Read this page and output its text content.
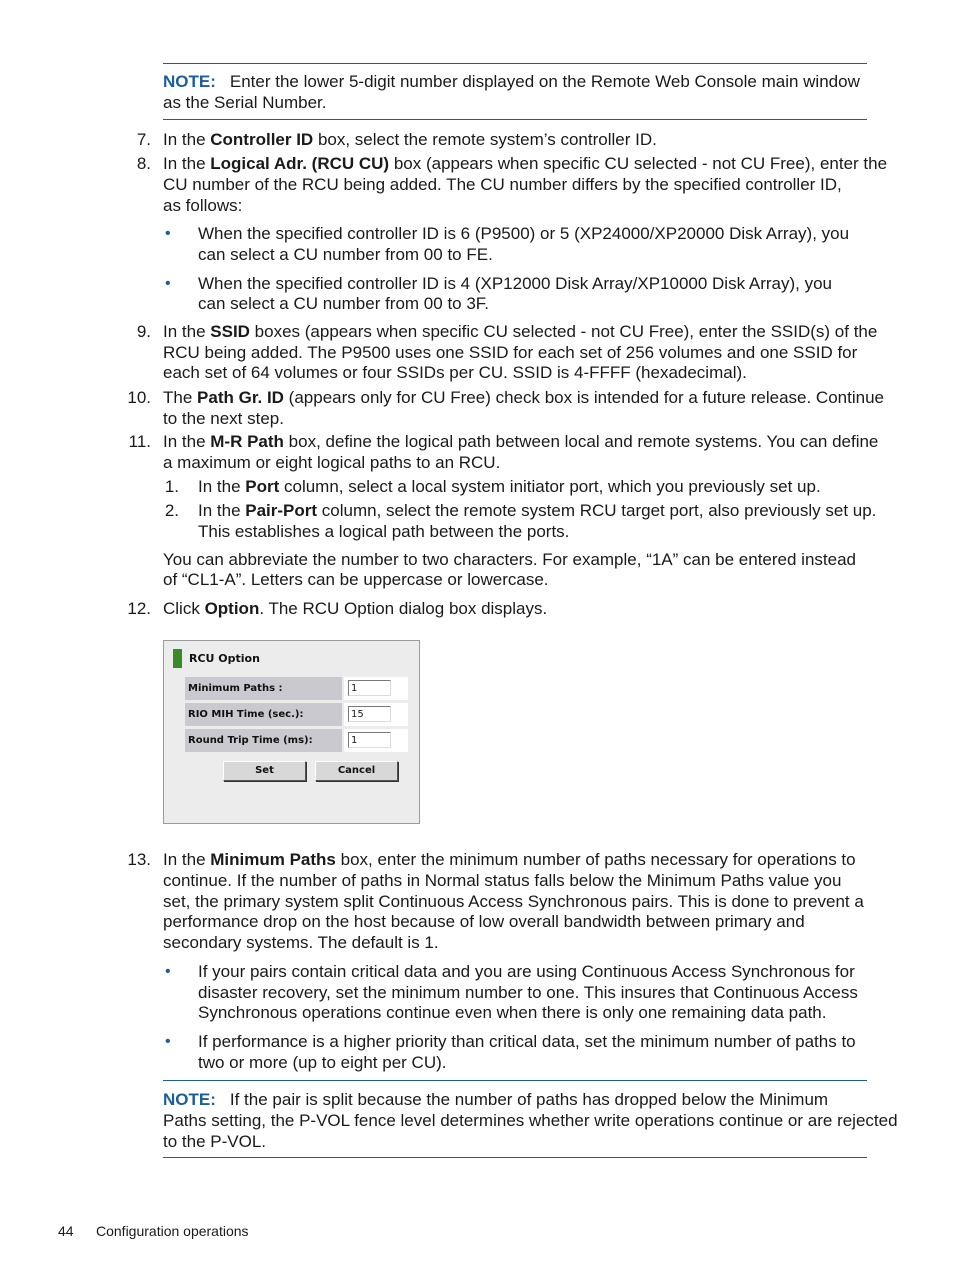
NOTE: Enter the lower 5-digit number displayed on the Remote Web Console main window
as the Serial Number.
7. In the Controller ID box, select the remote system’s controller ID.
8. In the Logical Adr. (RCU CU) box (appears when specific CU selected - not CU Free), enter the
CU number of the RCU being added. The CU number differs by the specified controller ID,
as follows:
• When the specified controller ID is 6 (P9500) or 5 (XP24000/XP20000 Disk Array), you
can select a CU number from 00 to FE.
• When the specified controller ID is 4 (XP12000 Disk Array/XP10000 Disk Array), you
can select a CU number from 00 to 3F.
9. In the SSID boxes (appears when specific CU selected - not CU Free), enter the SSID(s) of the
RCU being added. The P9500 uses one SSID for each set of 256 volumes and one SSID for
each set of 64 volumes or four SSIDs per CU. SSID is 4-FFFF (hexadecimal).
10. The Path Gr. ID (appears only for CU Free) check box is intended for a future release. Continue
to the next step.
11. In the M-R Path box, define the logical path between local and remote systems. You can define
a maximum or eight logical paths to an RCU.
1. In the Port column, select a local system initiator port, which you previously set up.
2. In the Pair-Port column, select the remote system RCU target port, also previously set up.
This establishes a logical path between the ports.
You can abbreviate the number to two characters. For example, “1A” can be entered instead
of “CL1-A”. Letters can be uppercase or lowercase.
12. Click Option. The RCU Option dialog box displays.
RCU Option
Minimum Paths :	1
RIO MIH Time (sec.):	15
Round Trip Time (ms):	1
Set	Cancel
13. In the Minimum Paths box, enter the minimum number of paths necessary for operations to
continue. If the number of paths in Normal status falls below the Minimum Paths value you
set, the primary system split Continuous Access Synchronous pairs. This is done to prevent a
performance drop on the host because of low overall bandwidth between primary and
secondary systems. The default is 1.
• If your pairs contain critical data and you are using Continuous Access Synchronous for
disaster recovery, set the minimum number to one. This insures that Continuous Access
Synchronous operations continue even when there is only one remaining data path.
• If performance is a higher priority than critical data, set the minimum number of paths to
two or more (up to eight per CU).
NOTE: If the pair is split because the number of paths has dropped below the Minimum
Paths setting, the P-VOL fence level determines whether write operations continue or are rejected
to the P-VOL.
44 Configuration operations
